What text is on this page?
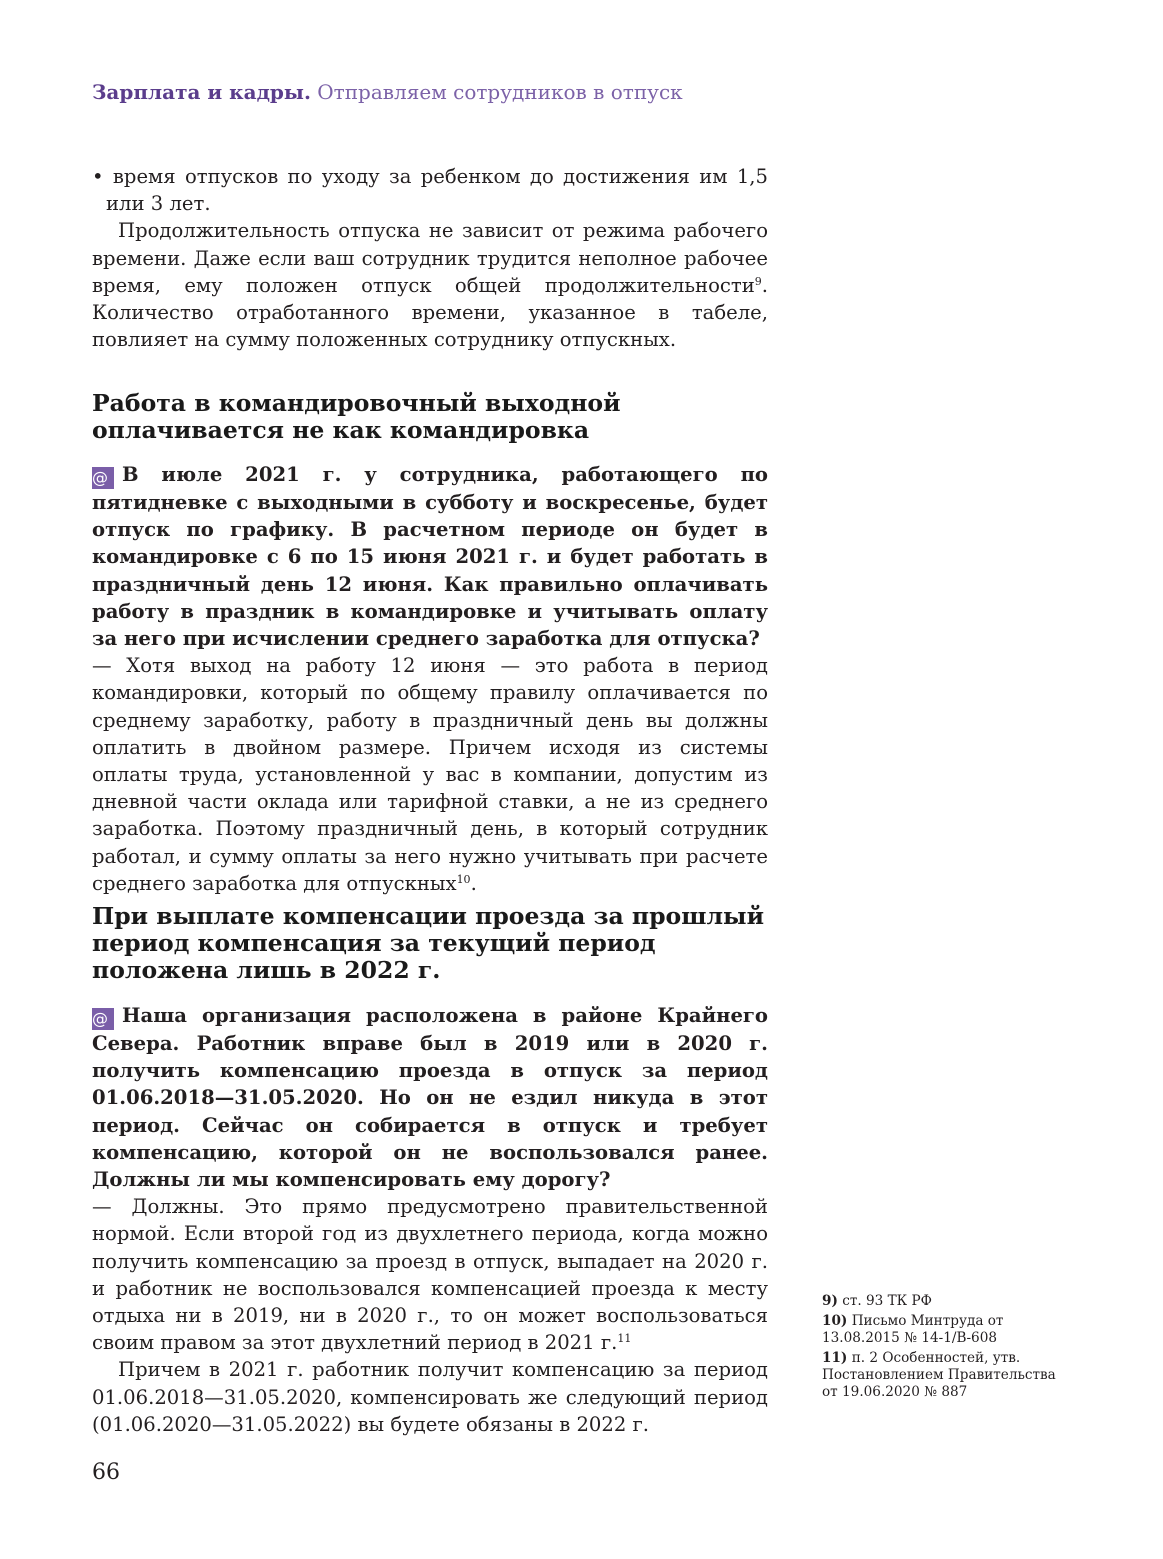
Зарплата и кадры. Отправляем сотрудников в отпуск

• время отпусков по уходу за ребенком до достижения им 1,5 или 3 лет.

Продолжительность отпуска не зависит от режима рабочего времени. Даже если ваш сотрудник трудится неполное рабочее время, ему положен отпуск общей продолжительности$^9$. Количество отработанного времени, указанное в табеле, повлияет на сумму положенных сотруднику отпускных.

Работа в командировочный выходной
оплачивается не как командировка

@ В июле 2021 г. у сотрудника, работающего по пятидневке с выходными в субботу и воскресенье, будет отпуск по графику. В расчетном периоде он будет в командировке с 6 по 15 июня 2021 г. и будет работать в праздничный день 12 июня. Как правильно оплачивать работу в праздник в командировке и учитывать оплату за него при исчислении среднего заработка для отпуска?

— Хотя выход на работу 12 июня — это работа в период командировки, который по общему правилу оплачивается по среднему заработку, работу в праздничный день вы должны оплатить в двойном размере. Причем исходя из системы оплаты труда, установленной у вас в компании, допустим из дневной части оклада или тарифной ставки, а не из среднего заработка. Поэтому праздничный день, в который сотрудник работал, и сумму оплаты за него нужно учитывать при расчете среднего заработка для отпускных$^{10}$.

При выплате компенсации проезда за прошлый
период компенсация за текущий период
положена лишь в 2022 г.

@ Наша организация расположена в районе Крайнего Севера. Работник вправе был в 2019 или в 2020 г. получить компенсацию проезда в отпуск за период 01.06.2018—31.05.2020. Но он не ездил никуда в этот период. Сейчас он собирается в отпуск и требует компенсацию, которой он не воспользовался ранее. Должны ли мы компенсировать ему дорогу?

— Должны. Это прямо предусмотрено правительственной нормой. Если второй год из двухлетнего периода, когда можно получить компенсацию за проезд в отпуск, выпадает на 2020 г. и работник не воспользовался компенсацией проезда к месту отдыха ни в 2019, ни в 2020 г., то он может воспользоваться своим правом за этот двухлетний период в 2021 г.$^{11}$

Причем в 2021 г. работник получит компенсацию за период 01.06.2018—31.05.2020, компенсировать же следующий период (01.06.2020—31.05.2022) вы будете обязаны в 2022 г.

9) ст. 93 ТК РФ
10) Письмо Минтруда от 13.08.2015 № 14-1/В-608
11) п. 2 Особенностей, утв. Постановлением Правительства от 19.06.2020 № 887
66
